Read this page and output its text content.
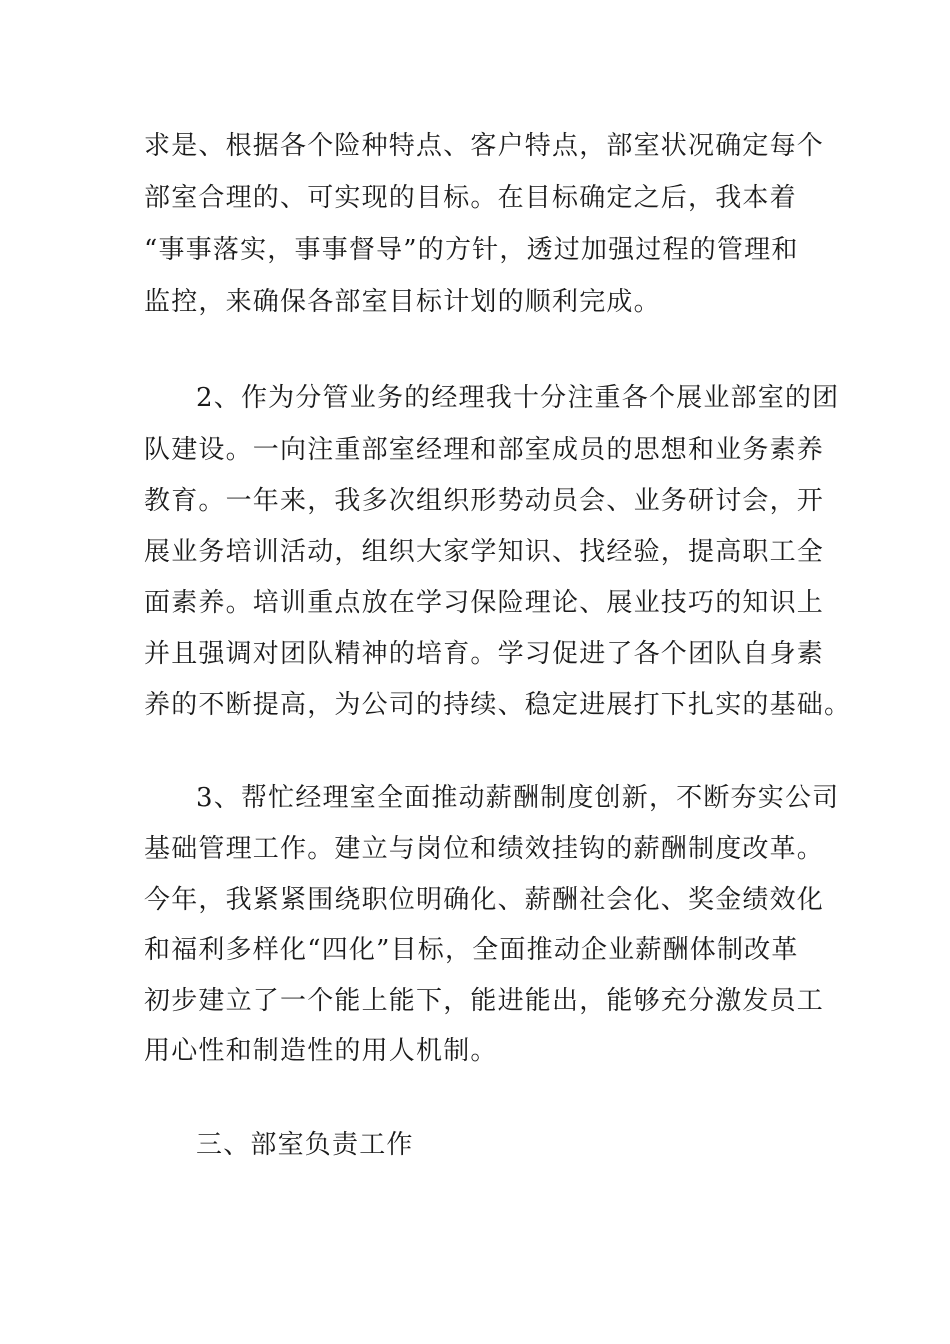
求是、根据各个险种特点、客户特点，部室状况确定每个

部室合理的、可实现的目标。在目标确定之后，我本着

“事事落实，事事督导”的方针，透过加强过程的管理和

监控，来确保各部室目标计划的顺利完成。

2、作为分管业务的经理我十分注重各个展业部室的团

队建设。一向注重部室经理和部室成员的思想和业务素养

教育。一年来，我多次组织形势动员会、业务研讨会，开

展业务培训活动，组织大家学知识、找经验，提高职工全

面素养。培训重点放在学习保险理论、展业技巧的知识上

并且强调对团队精神的培育。学习促进了各个团队自身素

养的不断提高，为公司的持续、稳定进展打下扎实的基础。

3、帮忙经理室全面推动薪酬制度创新，不断夯实公司

基础管理工作。建立与岗位和绩效挂钩的薪酬制度改革。

今年，我紧紧围绕职位明确化、薪酬社会化、奖金绩效化

和福利多样化“四化”目标，全面推动企业薪酬体制改革

初步建立了一个能上能下，能进能出，能够充分激发员工

用心性和制造性的用人机制。

三、部室负责工作
